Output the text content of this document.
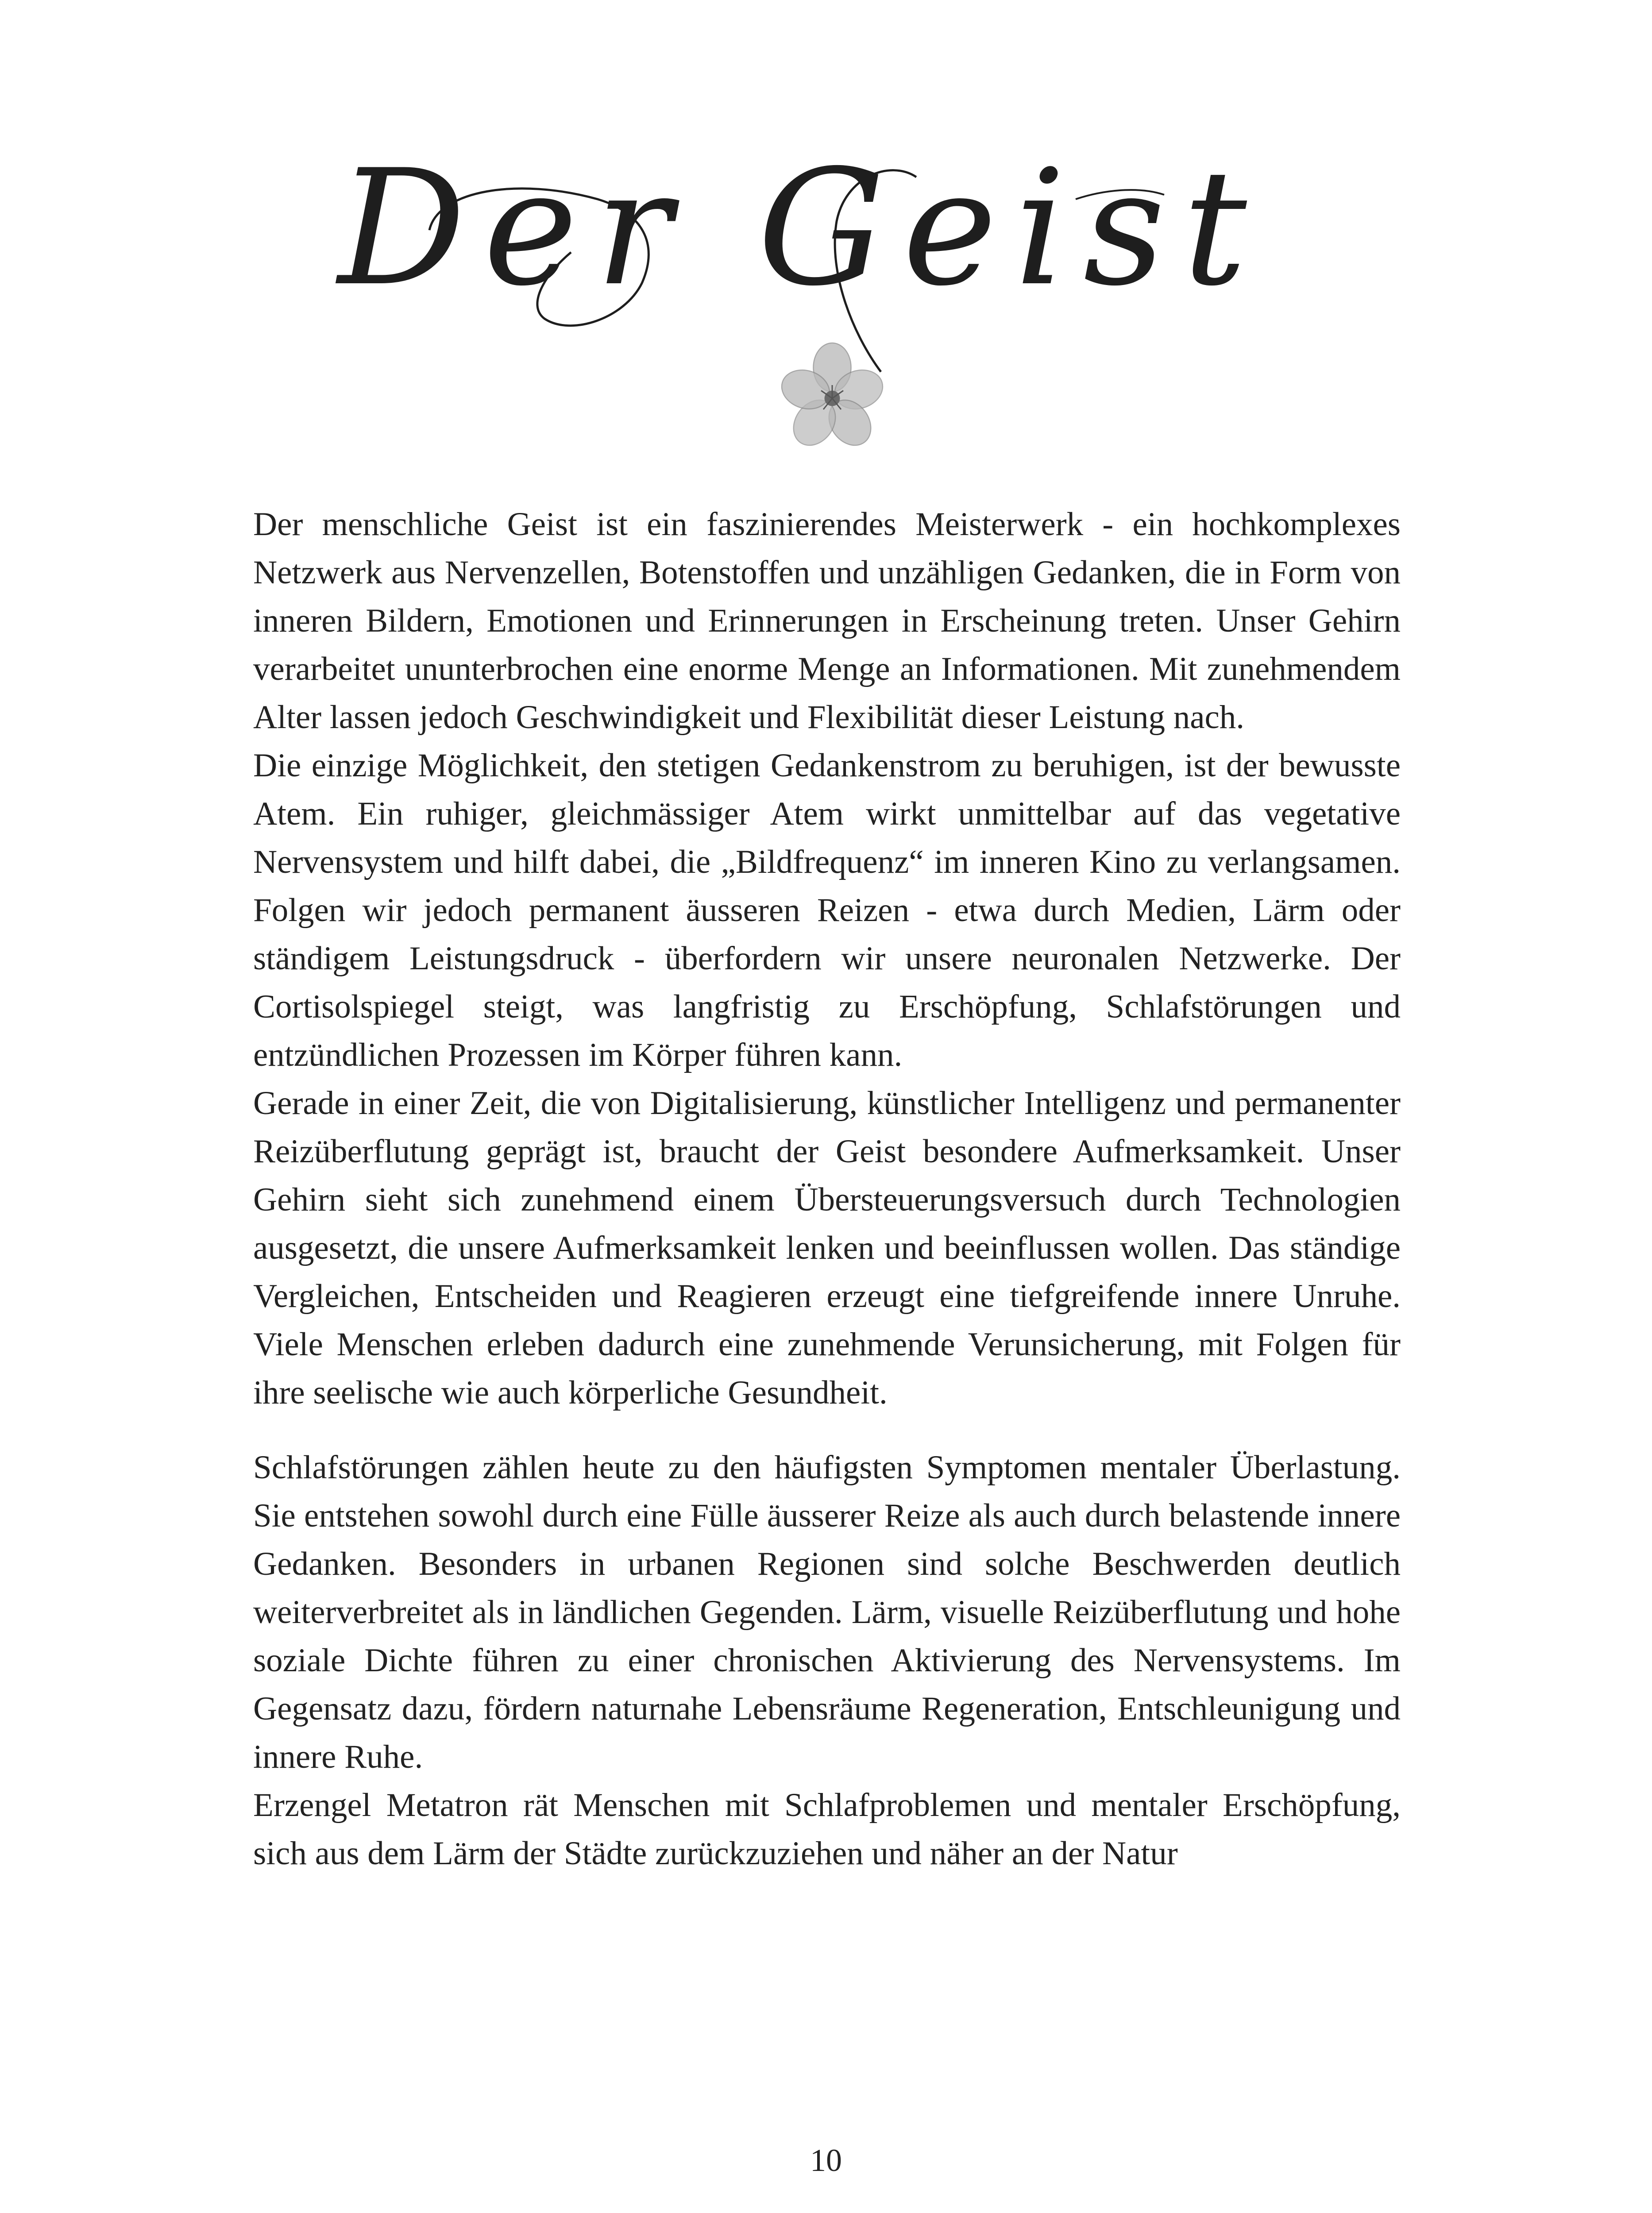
Der Geist

Der menschliche Geist ist ein faszinierendes Meisterwerk - ein hochkomplexes Netzwerk aus Nervenzellen, Botenstoffen und unzähligen Gedanken, die in Form von inneren Bildern, Emotionen und Erinnerungen in Erscheinung treten. Unser Gehirn verarbeitet ununterbrochen eine enorme Menge an Informationen. Mit zunehmendem Alter lassen jedoch Geschwindigkeit und Flexibilität dieser Leistung nach.

Die einzige Möglichkeit, den stetigen Gedankenstrom zu beruhigen, ist der bewusste Atem. Ein ruhiger, gleichmässiger Atem wirkt unmittelbar auf das vegetative Nervensystem und hilft dabei, die „Bildfrequenz“ im inneren Kino zu verlangsamen. Folgen wir jedoch permanent äusseren Reizen - etwa durch Medien, Lärm oder ständigem Leistungsdruck - überfordern wir unsere neuronalen Netzwerke. Der Cortisolspiegel steigt, was langfristig zu Erschöpfung, Schlafstörungen und entzündlichen Prozessen im Körper führen kann.

Gerade in einer Zeit, die von Digitalisierung, künstlicher Intelligenz und permanenter Reizüberflutung geprägt ist, braucht der Geist besondere Aufmerksamkeit. Unser Gehirn sieht sich zunehmend einem Übersteuerungsversuch durch Technologien ausgesetzt, die unsere Aufmerksamkeit lenken und beeinflussen wollen. Das ständige Vergleichen, Entscheiden und Reagieren erzeugt eine tiefgreifende innere Unruhe. Viele Menschen erleben dadurch eine zunehmende Verunsicherung, mit Folgen für ihre seelische wie auch körperliche Gesundheit.

Schlafstörungen zählen heute zu den häufigsten Symptomen mentaler Überlastung. Sie entstehen sowohl durch eine Fülle äusserer Reize als auch durch belastende innere Gedanken. Besonders in urbanen Regionen sind solche Beschwerden deutlich weiterverbreitet als in ländlichen Gegenden. Lärm, visuelle Reizüberflutung und hohe soziale Dichte führen zu einer chronischen Aktivierung des Nervensystems. Im Gegensatz dazu, fördern naturnahe Lebensräume Regeneration, Entschleunigung und innere Ruhe.

Erzengel Metatron rät Menschen mit Schlafproblemen und mentaler Erschöpfung, sich aus dem Lärm der Städte zurückzuziehen und näher an der Natur

10
